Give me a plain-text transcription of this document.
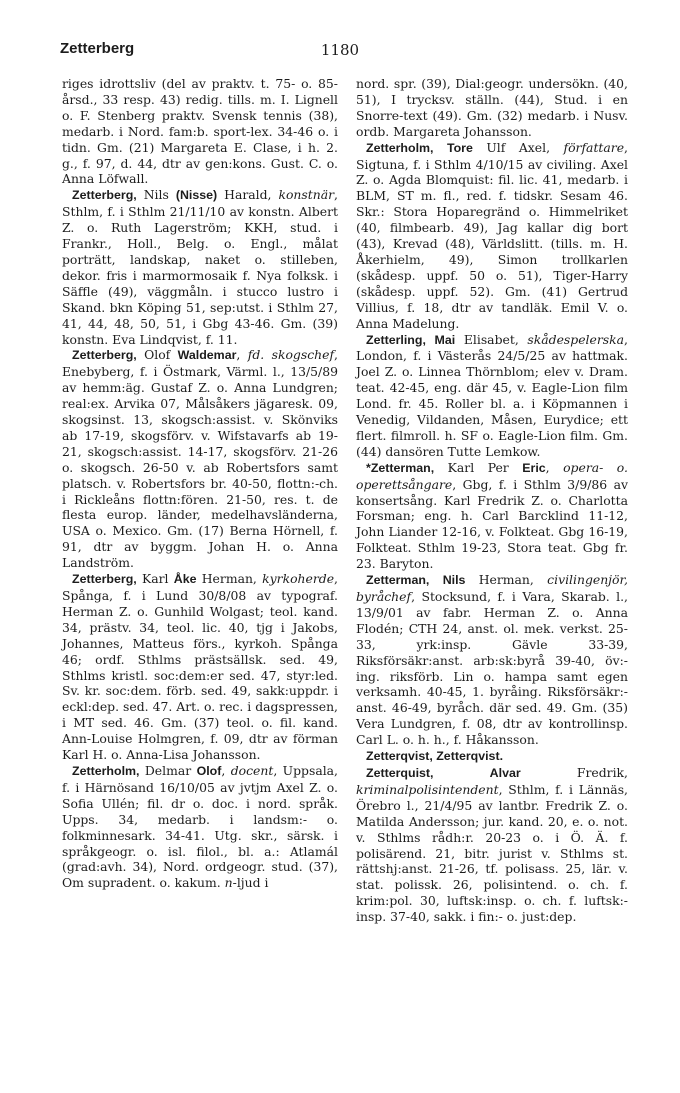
Zetterberg	1180

riges idrottsliv (del av praktv. t. 75- o. 85-årsd., 33 resp. 43) redig. tills. m. I. Lignell o. F. Stenberg praktv. Svensk tennis (38), medarb. i Nord. fam:b. sport-lex. 34-46 o. i tidn. Gm. (21) Margareta E. Clase, i h. 2. g., f. 97, d. 44, dtr av gen:kons. Gust. C. o. Anna Löfwall.

Zetterberg, Nils (Nisse) Harald, konstnär, Sthlm, f. i Sthlm 21/11/10 av konstn. Albert Z. o. Ruth Lagerström; KKH, stud. i Frankr., Holl., Belg. o. Engl., målat porträtt, landskap, naket o. stilleben, dekor. fris i marmormosaik f. Nya folksk. i Säffle (49), väggmåln. i stucco lustro i Skand. bkn Köping 51, sep:utst. i Sthlm 27, 41, 44, 48, 50, 51, i Gbg 43-46. Gm. (39) konstn. Eva Lindqvist, f. 11.

Zetterberg, Olof Waldemar, fd. skogschef, Enebyberg, f. i Östmark, Värml. l., 13/5/89 av hemm:äg. Gustaf Z. o. Anna Lundgren; real:ex. Arvika 07, Målsåkers jägaresk. 09, skogsinst. 13, skogsch:assist. v. Skönviks ab 17-19, skogsförv. v. Wifstavarfs ab 19-21, skogsch:assist. 14-17, skogsförv. 21-26 o. skogsch. 26-50 v. ab Robertsfors samt platsch. v. Robertsfors br. 40-50, flottn:-ch. i Rickleåns flottn:fören. 21-50, res. t. de flesta europ. länder, medelhavsländerna, USA o. Mexico. Gm. (17) Berna Hörnell, f. 91, dtr av byggm. Johan H. o. Anna Landström.

Zetterberg, Karl Åke Herman, kyrkoherde, Spånga, f. i Lund 30/8/08 av typograf. Herman Z. o. Gunhild Wolgast; teol. kand. 34, prästv. 34, teol. lic. 40, tjg i Jakobs, Johannes, Matteus förs., kyrkoh. Spånga 46; ordf. Sthlms prästsällsk. sed. 49, Sthlms kristl. soc:dem:er sed. 47, styr:led. Sv. kr. soc:dem. förb. sed. 49, sakk:uppdr. i eckl:dep. sed. 47. Art. o. rec. i dagspressen, i MT sed. 46. Gm. (37) teol. o. fil. kand. Ann-Louise Holmgren, f. 09, dtr av förman Karl H. o. Anna-Lisa Johansson.

Zetterholm, Delmar Olof, docent, Uppsala, f. i Härnösand 16/10/05 av jvtjm Axel Z. o. Sofia Ullén; fil. dr o. doc. i nord. språk. Upps. 34, medarb. i landsm:- o. folkminnesark. 34-41. Utg. skr., särsk. i språkgeogr. o. isl. filol., bl. a.: Atlamál (grad:avh. 34), Nord. ordgeogr. stud. (37), Om supradent. o. kakum. n-ljud i

nord. spr. (39), Dial:geogr. undersökn. (40, 51), I trycksv. ställn. (44), Stud. i en Snorre-text (49). Gm. (32) medarb. i Nusv. ordb. Margareta Johansson.

Zetterholm, Tore Ulf Axel, författare, Sigtuna, f. i Sthlm 4/10/15 av civiling. Axel Z. o. Agda Blomquist: fil. lic. 41, medarb. i BLM, ST m. fl., red. f. tidskr. Sesam 46. Skr.: Stora Hoparegränd o. Himmelriket (40, filmbearb. 49), Jag kallar dig bort (43), Krevad (48), Världslitt. (tills. m. H. Åkerhielm, 49), Simon trollkarlen (skådesp. uppf. 50 o. 51), Tiger-Harry (skådesp. uppf. 52). Gm. (41) Gertrud Villius, f. 18, dtr av tandläk. Emil V. o. Anna Madelung.

Zetterling, Mai Elisabet, skådespelerska, London, f. i Västerås 24/5/25 av hattmak. Joel Z. o. Linnea Thörnblom; elev v. Dram. teat. 42-45, eng. där 45, v. Eagle-Lion film Lond. fr. 45. Roller bl. a. i Köpmannen i Venedig, Vildanden, Måsen, Eurydice; ett flert. filmroll. h. SF o. Eagle-Lion film. Gm. (44) dansören Tutte Lemkow.

*Zetterman, Karl Per Eric, opera- o. operettsångare, Gbg, f. i Sthlm 3/9/86 av konsertsång. Karl Fredrik Z. o. Charlotta Forsman; eng. h. Carl Barcklind 11-12, John Liander 12-16, v. Folkteat. Gbg 16-19, Folkteat. Sthlm 19-23, Stora teat. Gbg fr. 23. Baryton.

Zetterman, Nils Herman, civilingenjör, byråchef, Stocksund, f. i Vara, Skarab. l., 13/9/01 av fabr. Herman Z. o. Anna Flodén; CTH 24, anst. ol. mek. verkst. 25-33, yrk:insp. Gävle 33-39, Riksförsäkr:anst. arb:sk:byrå 39-40, öv:-ing. riksförb. Lin o. hampa samt egen verksamh. 40-45, 1. byråing. Riksförsäkr:-anst. 46-49, byråch. där sed. 49. Gm. (35) Vera Lundgren, f. 08, dtr av kontrollinsp. Carl L. o. h. h., f. Håkansson.

Zetterqvist, Zetterqvist.

Zetterquist,	Alvar Fredrik, kriminalpolisintendent, Sthlm, f. i Lännäs, Örebro l., 21/4/95 av lantbr. Fredrik Z. o. Matilda Andersson; jur. kand. 20, e. o. not. v. Sthlms rådh:r. 20-23 o. i Ö. Ä. f. polisärend. 21, bitr. jurist v. Sthlms st. rättshj:anst. 21-26, tf. polisass. 25, lär. v. stat. polissk. 26, polisintend. o. ch. f. krim:pol. 30, luftsk:insp. o. ch. f. luftsk:-insp. 37-40, sakk. i fin:- o. just:dep.
